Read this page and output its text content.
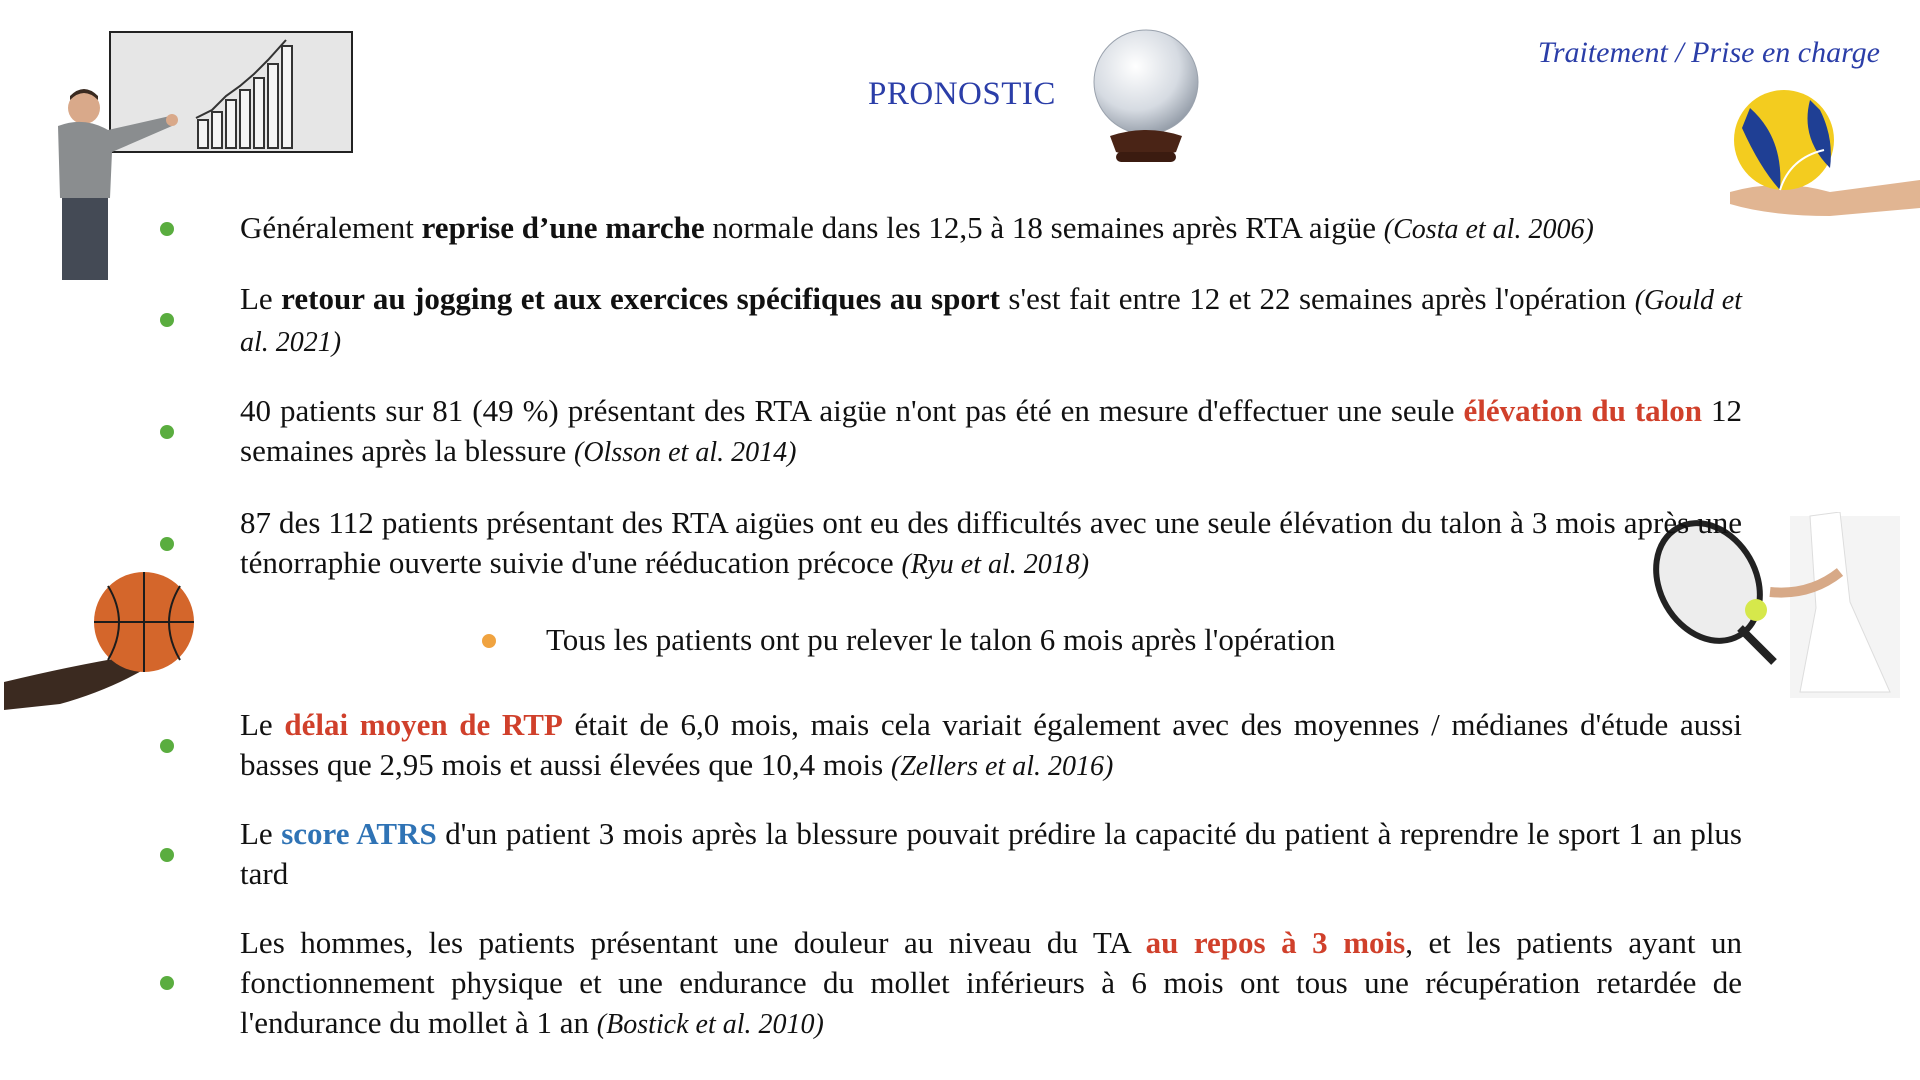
PRONOSTIC
Traitement / Prise en charge
Généralement reprise d’une marche normale dans les 12,5 à 18 semaines après RTA aigüe (Costa et al. 2006)
Le retour au jogging et aux exercices spécifiques au sport s'est fait entre 12 et 22 semaines après l'opération (Gould et al. 2021)
40 patients sur 81 (49 %) présentant des RTA aigüe n'ont pas été en mesure d'effectuer une seule élévation du talon 12 semaines après la blessure (Olsson et al. 2014)
87 des 112 patients présentant des RTA aigües ont eu des difficultés avec une seule élévation du talon à 3 mois après une ténorraphie ouverte suivie d'une rééducation précoce (Ryu et al. 2018)
Tous les patients ont pu relever le talon 6 mois après l'opération
Le délai moyen de RTP était de 6,0 mois, mais cela variait également avec des moyennes / médianes d'étude aussi basses que 2,95 mois et aussi élevées que 10,4 mois (Zellers et al. 2016)
Le score ATRS d'un patient 3 mois après la blessure pouvait prédire la capacité du patient à reprendre le sport 1 an plus tard
Les hommes, les patients présentant une douleur au niveau du TA au repos à 3 mois, et les patients ayant un fonctionnement physique et une endurance du mollet inférieurs à 6 mois ont tous une récupération retardée de l'endurance du mollet à 1 an (Bostick et al. 2010)
